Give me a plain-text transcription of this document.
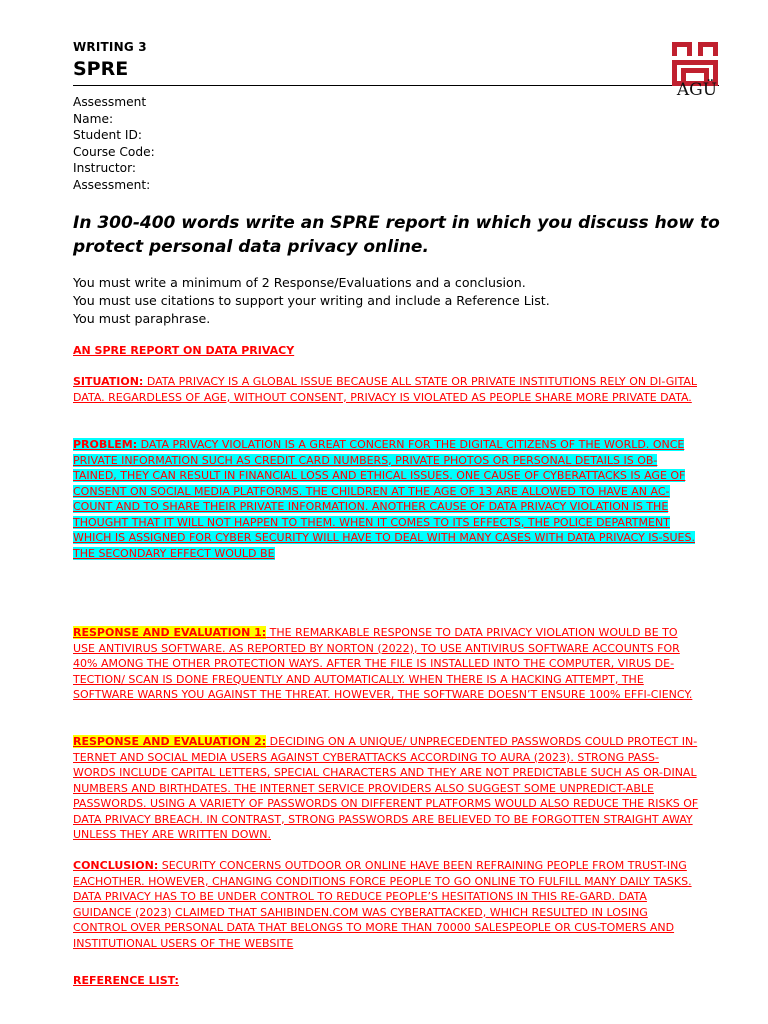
WRITING 3
SPRE
AGÜ
Assessment
Name:
Student ID:
Course Code:
Instructor:
Assessment:
In 300-400 words write an SPRE report in which you discuss how to protect personal data privacy online.
You must write a minimum of 2 Response/Evaluations and a conclusion.
You must use citations to support your writing and include a Reference List.
You must paraphrase.

AN SPRE REPORT ON DATA PRIVACY

SITUATION: DATA PRIVACY IS A GLOBAL ISSUE BECAUSE ALL STATE OR PRIVATE INSTITUTIONS RELY ON DI-GITAL DATA. REGARDLESS OF AGE, WITHOUT CONSENT, PRIVACY IS VIOLATED AS PEOPLE SHARE MORE PRIVATE DATA.

PROBLEM: DATA PRIVACY VIOLATION IS A GREAT CONCERN FOR THE DIGITAL CITIZENS OF THE WORLD. ONCE PRIVATE INFORMATION SUCH AS CREDIT CARD NUMBERS, PRIVATE PHOTOS OR PERSONAL DETAILS IS OB-TAINED, THEY CAN RESULT IN FINANCIAL LOSS AND ETHICAL ISSUES. ONE CAUSE OF CYBERATTACKS IS AGE OF CONSENT ON SOCIAL MEDIA PLATFORMS. THE CHILDREN AT THE AGE OF 13 ARE ALLOWED TO HAVE AN AC-COUNT AND TO SHARE THEIR PRIVATE INFORMATION. ANOTHER CAUSE OF DATA PRIVACY VIOLATION IS THE THOUGHT THAT IT WILL NOT HAPPEN TO THEM. WHEN IT COMES TO ITS EFFECTS, THE POLICE DEPARTMENT WHICH IS ASSIGNED FOR CYBER SECURITY WILL HAVE TO DEAL WITH MANY CASES WITH DATA PRIVACY IS-SUES. THE SECONDARY EFFECT WOULD BE

RESPONSE AND EVALUATION 1: THE REMARKABLE RESPONSE TO DATA PRIVACY VIOLATION WOULD BE TO USE ANTIVIRUS SOFTWARE. AS REPORTED BY NORTON (2022), TO USE ANTIVIRUS SOFTWARE ACCOUNTS FOR 40% AMONG THE OTHER PROTECTION WAYS. AFTER THE FILE IS INSTALLED INTO THE COMPUTER, VIRUS DE-TECTION/ SCAN IS DONE FREQUENTLY AND AUTOMATICALLY. WHEN THERE IS A HACKING ATTEMPT, THE SOFTWARE WARNS YOU AGAINST THE THREAT. HOWEVER, THE SOFTWARE DOESN’T ENSURE 100% EFFI-CIENCY.

RESPONSE AND EVALUATION 2: DECIDING ON A UNIQUE/ UNPRECEDENTED PASSWORDS COULD PROTECT IN-TERNET AND SOCIAL MEDIA USERS AGAINST CYBERATTACKS ACCORDING TO AURA (2023). STRONG PASS-WORDS INCLUDE CAPITAL LETTERS, SPECIAL CHARACTERS AND THEY ARE NOT PREDICTABLE SUCH AS OR-DINAL NUMBERS AND BIRTHDATES. THE INTERNET SERVICE PROVIDERS ALSO SUGGEST SOME UNPREDICT-ABLE PASSWORDS. USING A VARIETY OF PASSWORDS ON DIFFERENT PLATFORMS WOULD ALSO REDUCE THE RISKS OF DATA PRIVACY BREACH. IN CONTRAST, STRONG PASSWORDS ARE BELIEVED TO BE FORGOTTEN STRAIGHT AWAY UNLESS THEY ARE WRITTEN DOWN.

CONCLUSION: SECURITY CONCERNS OUTDOOR OR ONLINE HAVE BEEN REFRAINING PEOPLE FROM TRUST-ING EACHOTHER. HOWEVER, CHANGING CONDITIONS FORCE PEOPLE TO GO ONLINE TO FULFILL MANY DAILY TASKS. DATA PRIVACY HAS TO BE UNDER CONTROL TO REDUCE PEOPLE’S HESITATIONS IN THIS RE-GARD. DATA GUIDANCE (2023) CLAIMED THAT SAHIBINDEN.COM WAS CYBERATTACKED, WHICH RESULTED IN LOSING CONTROL OVER PERSONAL DATA THAT BELONGS TO MORE THAN 70000 SALESPEOPLE OR CUS-TOMERS AND INSTITUTIONAL USERS OF THE WEBSITE

REFERENCE LIST:
